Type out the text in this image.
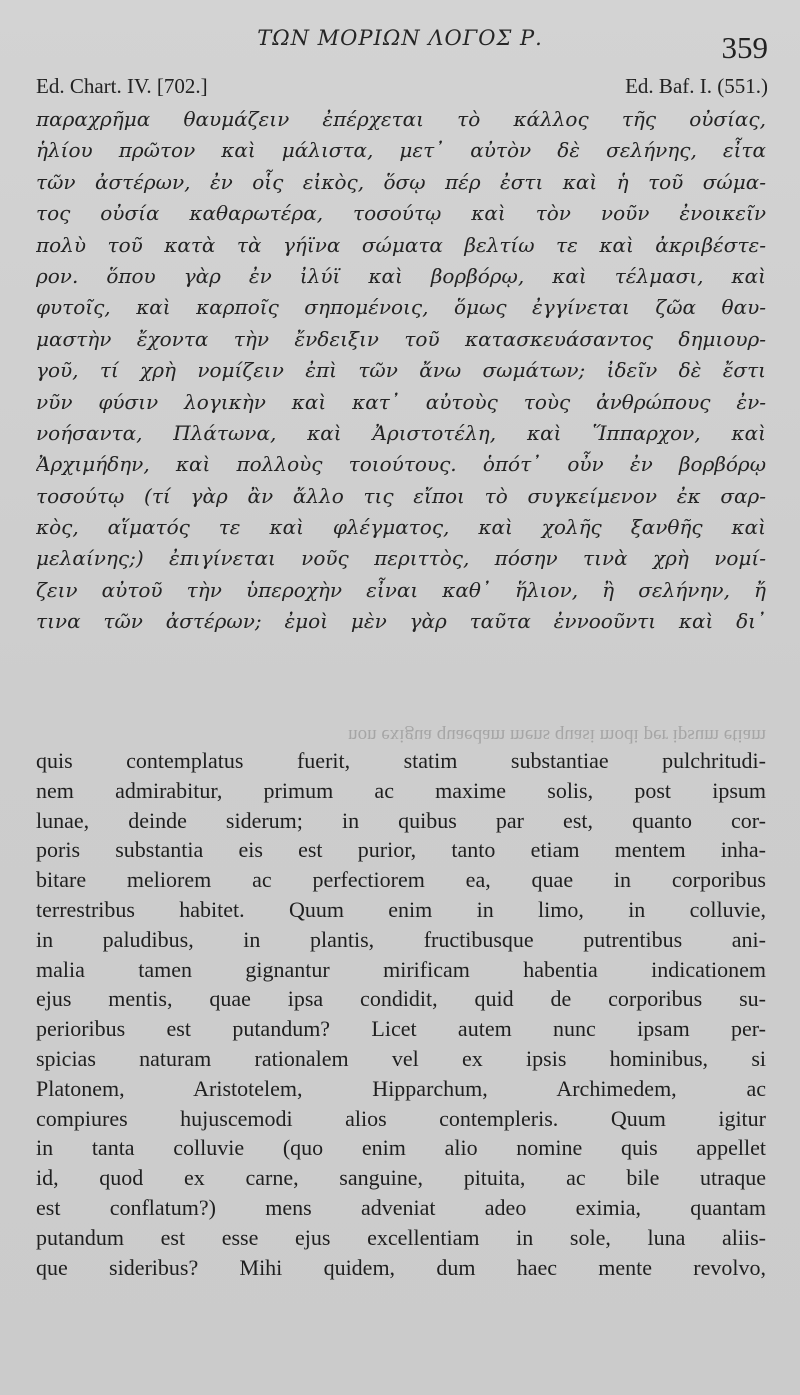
ΤΩΝ ΜΟΡΙΩΝ ΛΟΓΟΣ Ρ.	359
Ed. Chart. IV. [702.]	Ed. Baf. I. (551.)
παραχρῆμα θαυμάζειν ἐπέρχεται τὸ κάλλος τῆς οὐσίας,
ἡλίου πρῶτον καὶ μάλιστα, μετ᾽ αὐτὸν δὲ σελήνης, εἶτα
τῶν ἀστέρων, ἐν οἷς εἰκὸς, ὅσῳ πέρ ἐστι καὶ ἡ τοῦ σώμα-
τος οὐσία καθαρωτέρα, τοσούτῳ καὶ τὸν νοῦν ἐνοικεῖν
πολὺ τοῦ κατὰ τὰ γήϊνα σώματα βελτίω τε καὶ ἀκριβέστε-
ρον. ὅπου γὰρ ἐν ἰλύϊ καὶ βορβόρῳ, καὶ τέλμασι, καὶ
φυτοῖς, καὶ καρποῖς σηπομένοις, ὅμως ἐγγίνεται ζῶα θαυ-
μαστὴν ἔχοντα τὴν ἔνδειξιν τοῦ κατασκευάσαντος δημιουρ-
γοῦ, τί χρὴ νομίζειν ἐπὶ τῶν ἄνω σωμάτων; ἰδεῖν δὲ ἔστι
νῦν φύσιν λογικὴν καὶ κατ᾽ αὐτοὺς τοὺς ἀνθρώπους ἐν-
νοήσαντα, Πλάτωνα, καὶ Ἀριστοτέλη, καὶ Ἵππαρχον, καὶ
Ἀρχιμήδην, καὶ πολλοὺς τοιούτους. ὁπότ᾽ οὖν ἐν βορβόρῳ
τοσούτῳ (τί γὰρ ἂν ἄλλο τις εἴποι τὸ συγκείμενον ἐκ σαρ-
κὸς, αἵματός τε καὶ φλέγματος, καὶ χολῆς ξανθῆς καὶ
μελαίνης;) ἐπιγίνεται νοῦς περιττὸς, πόσην τινὰ χρὴ νομί-
ζειν αὐτοῦ τὴν ὑπεροχὴν εἶναι καθ᾽ ἥλιον, ἢ σελήνην, ἤ
τινα τῶν ἀστέρων; ἐμοὶ μὲν γὰρ ταῦτα ἐννοοῦντι καὶ δι᾽
non exigua quaedam mens quasi modi per ipsum etiam
quis contemplatus fuerit, statim substantiae pulchritudi-
nem admirabitur, primum ac maxime solis, post ipsum
lunae, deinde siderum; in quibus par est, quanto cor-
poris substantia eis est purior, tanto etiam mentem inha-
bitare meliorem ac perfectiorem ea, quae in corporibus
terrestribus habitet. Quum enim in limo, in colluvie,
in paludibus, in plantis, fructibusque putrentibus ani-
malia tamen gignantur mirificam habentia indicationem
ejus mentis, quae ipsa condidit, quid de corporibus su-
perioribus est putandum? Licet autem nunc ipsam per-
spicias naturam rationalem vel ex ipsis hominibus, si
Platonem, Aristotelem, Hipparchum, Archimedem, ac
compiures hujuscemodi alios contempleris. Quum igitur
in tanta colluvie (quo enim alio nomine quis appellet
id, quod ex carne, sanguine, pituita, ac bile utraque
est conflatum?) mens adveniat adeo eximia, quantam
putandum est esse ejus excellentiam in sole, luna aliis-
que sideribus? Mihi quidem, dum haec mente revolvo,
